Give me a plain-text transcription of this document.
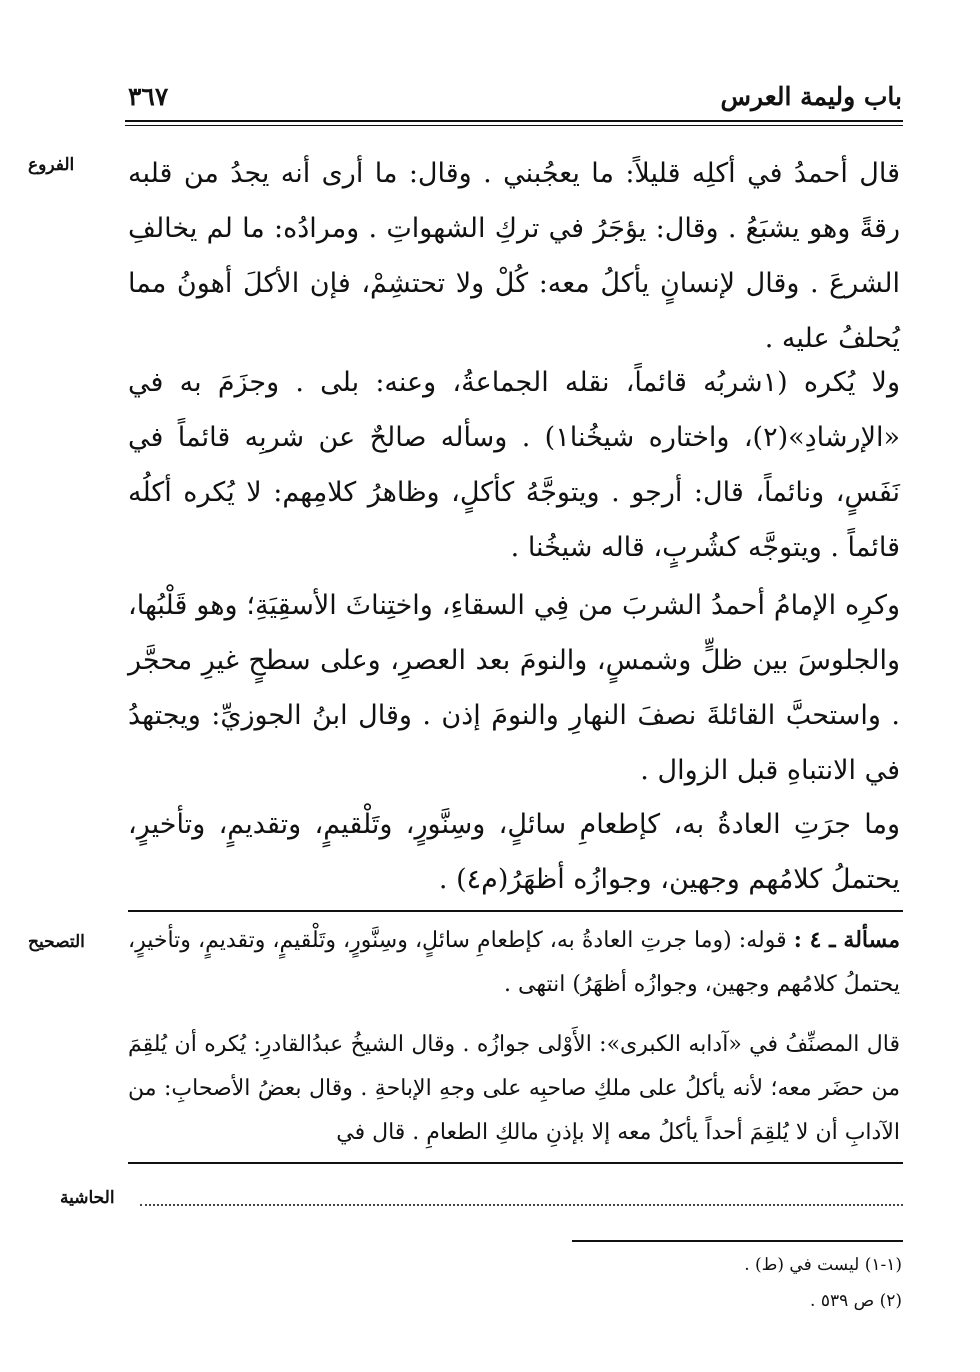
باب وليمة العرس
٣٦٧
الفروع
التصحيح
الحاشية

قال أحمدُ في أكلِه قليلاً: ما يعجُبني . وقال: ما أرى أنه يجدُ من قلبه رقةً وهو يشبَعُ . وقال: يؤجَرُ في تركِ الشهواتِ . ومرادُه: ما لم يخالفِ الشرعَ . وقال لإنسانٍ يأكلُ معه: كُلْ ولا تحتشِمْ، فإن الأكلَ أهونُ مما يُحلفُ عليه .

ولا يُكره (١شربُه قائماً، نقله الجماعةُ، وعنه: بلى . وجزَمَ به في «الإرشادِ»(٢)، واختاره شيخُنا١) . وسأله صالحٌ عن شربِه قائماً في نَفَسٍ، ونائماً، قال: أرجو . ويتوجَّهُ كأكلٍ، وظاهرُ كلامِهم: لا يُكره أكلُه قائماً . ويتوجَّه كشُربٍ، قاله شيخُنا .

وكرِه الإمامُ أحمدُ الشربَ من فِي السقاءِ، واختِناثَ الأسقِيَةِ؛ وهو قَلْبُها، والجلوسَ بين ظلٍّ وشمسٍ، والنومَ بعد العصرِ، وعلى سطحٍ غيرِ محجَّر . واستحبَّ القائلةَ نصفَ النهارِ والنومَ إذن . وقال ابنُ الجوزيِّ: ويجتهدُ في الانتباهِ قبل الزوال .

وما جرَتِ العادةُ به، كإطعامِ سائلٍ، وسِنَّورٍ، وتَلْقيمٍ، وتقديمٍ، وتأخيرٍ، يحتملُ كلامُهم وجهين، وجوازُه أظهَرُ(م٤) .

مسألة ـ ٤ : قوله: (وما جرتِ العادةُ به، كإطعامِ سائلٍ، وسِنَّورٍ، وتَلْقيمٍ، وتقديمٍ، وتأخيرٍ، يحتملُ كلامُهم وجهين، وجوازُه أظهَرُ) انتهى .

قال المصنِّفُ في «آدابه الكبرى»: الأَوْلى جوازُه . وقال الشيخُ عبدُالقادرِ: يُكره أن يُلقِمَ من حضَر معه؛ لأنه يأكلُ على ملكِ صاحبِه على وجهِ الإباحةِ . وقال بعضُ الأصحابِ: من الآدابِ أن لا يُلقِمَ أحداً يأكلُ معه إلا بإذنِ مالكِ الطعامِ . قال في

(١-١) ليست في (ط) .
(٢) ص ٥٣٩ .
